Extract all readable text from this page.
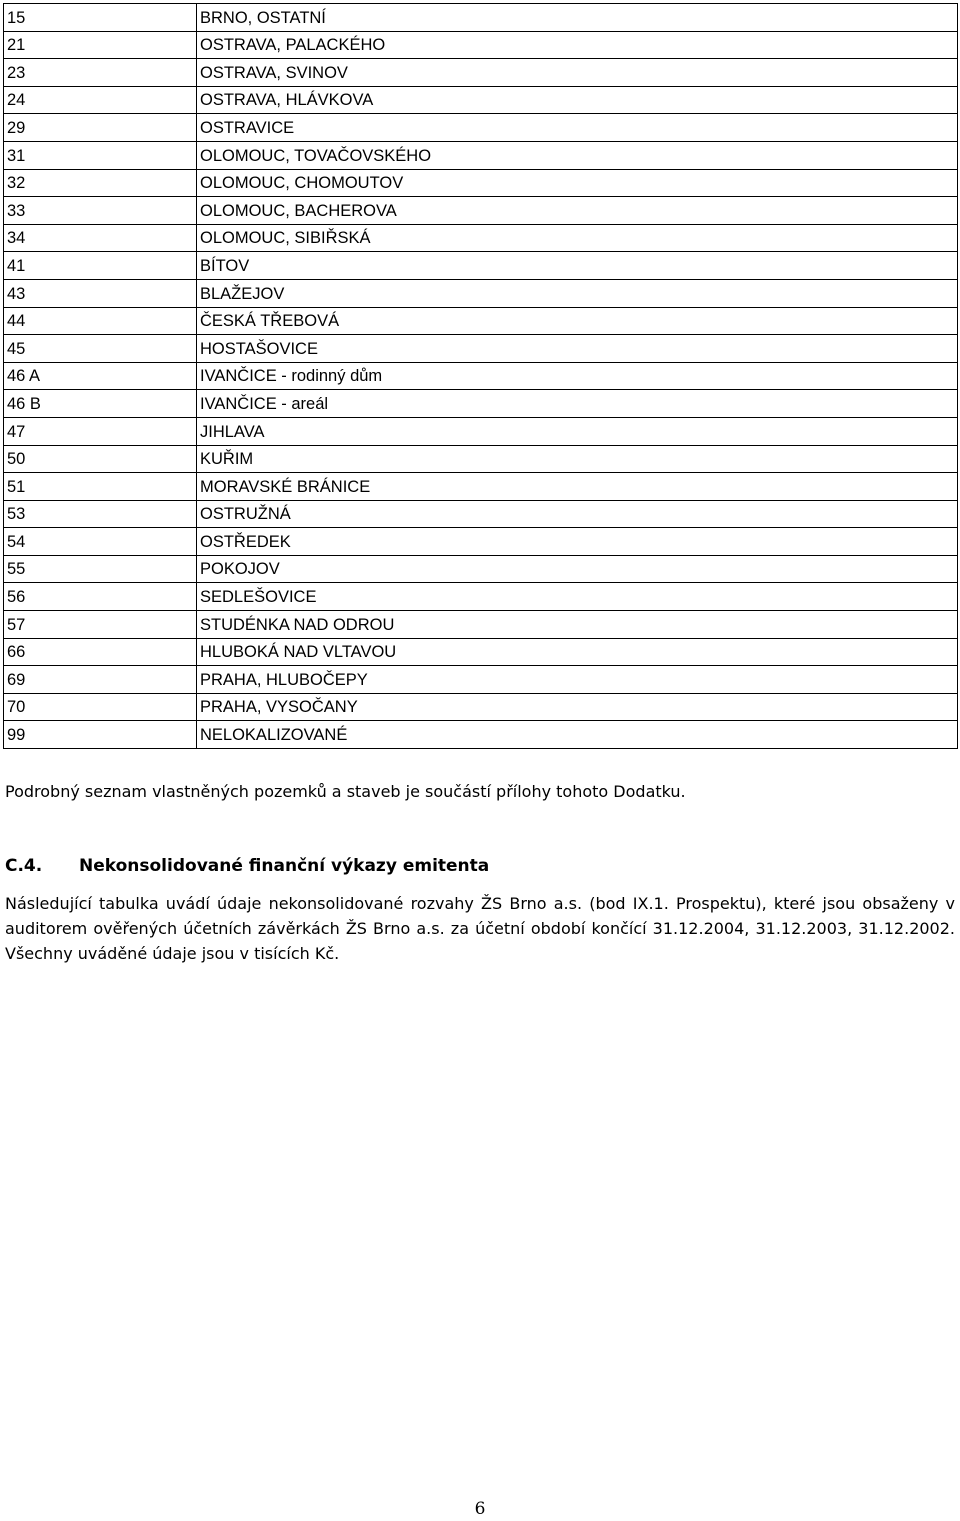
15	BRNO, OSTATNÍ
21	OSTRAVA, PALACKÉHO
23	OSTRAVA, SVINOV
24	OSTRAVA, HLÁVKOVA
29	OSTRAVICE
31	OLOMOUC, TOVAČOVSKÉHO
32	OLOMOUC, CHOMOUTOV
33	OLOMOUC, BACHEROVA
34	OLOMOUC, SIBIŘSKÁ
41	BÍTOV
43	BLAŽEJOV
44	ČESKÁ TŘEBOVÁ
45	HOSTAŠOVICE
46 A	IVANČICE - rodinný dům
46 B	IVANČICE - areál
47	JIHLAVA
50	KUŘIM
51	MORAVSKÉ BRÁNICE
53	OSTRUŽNÁ
54	OSTŘEDEK
55	POKOJOV
56	SEDLEŠOVICE
57	STUDÉNKA NAD ODROU
66	HLUBOKÁ NAD VLTAVOU
69	PRAHA, HLUBOČEPY
70	PRAHA, VYSOČANY
99	NELOKALIZOVANÉ

Podrobný seznam vlastněných pozemků a staveb je součástí přílohy tohoto Dodatku.

C.4. Nekonsolidované finanční výkazy emitenta

Následující tabulka uvádí údaje nekonsolidované rozvahy ŽS Brno a.s. (bod IX.1. Prospektu), které jsou obsaženy v auditorem ověřených účetních závěrkách ŽS Brno a.s. za účetní období končící 31.12.2004, 31.12.2003, 31.12.2002. Všechny uváděné údaje jsou v tisících Kč.

6
